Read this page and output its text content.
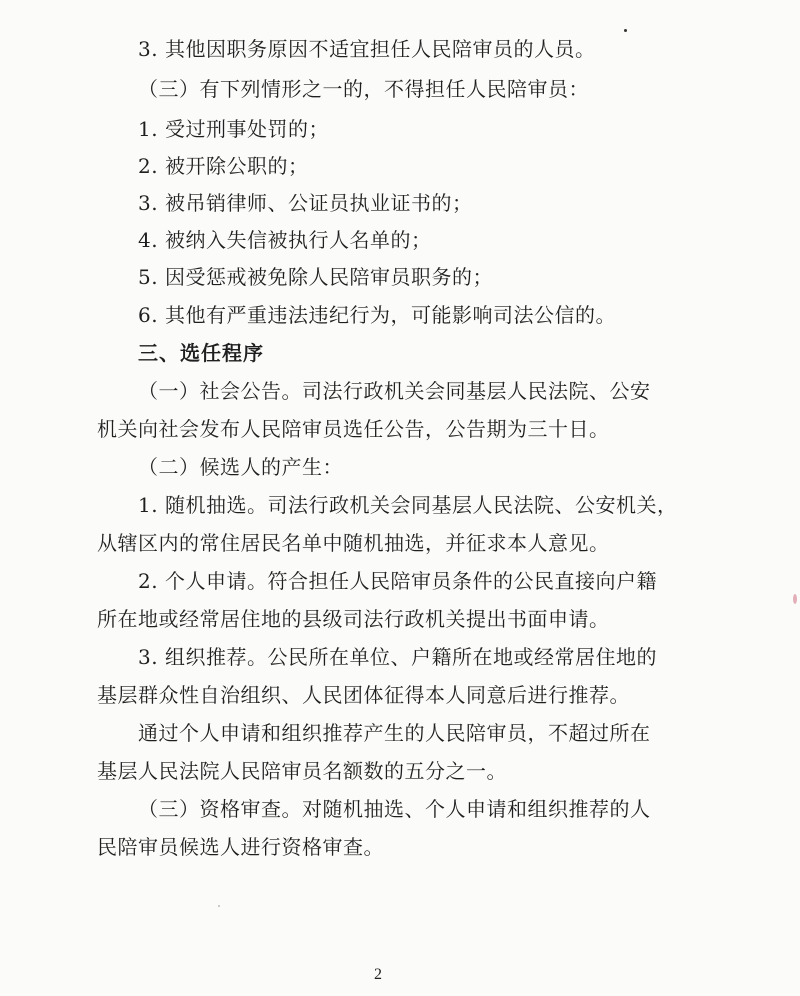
3. 其他因职务原因不适宜担任人民陪审员的人员。
（三）有下列情形之一的，不得担任人民陪审员：
1. 受过刑事处罚的；
2. 被开除公职的；
3. 被吊销律师、公证员执业证书的；
4. 被纳入失信被执行人名单的；
5. 因受惩戒被免除人民陪审员职务的；
6. 其他有严重违法违纪行为，可能影响司法公信的。
三、选任程序
（一）社会公告。司法行政机关会同基层人民法院、公安
机关向社会发布人民陪审员选任公告，公告期为三十日。
（二）候选人的产生：
1. 随机抽选。司法行政机关会同基层人民法院、公安机关，
从辖区内的常住居民名单中随机抽选，并征求本人意见。
2. 个人申请。符合担任人民陪审员条件的公民直接向户籍
所在地或经常居住地的县级司法行政机关提出书面申请。
3. 组织推荐。公民所在单位、户籍所在地或经常居住地的
基层群众性自治组织、人民团体征得本人同意后进行推荐。
通过个人申请和组织推荐产生的人民陪审员，不超过所在
基层人民法院人民陪审员名额数的五分之一。
（三）资格审查。对随机抽选、个人申请和组织推荐的人
民陪审员候选人进行资格审查。
2
